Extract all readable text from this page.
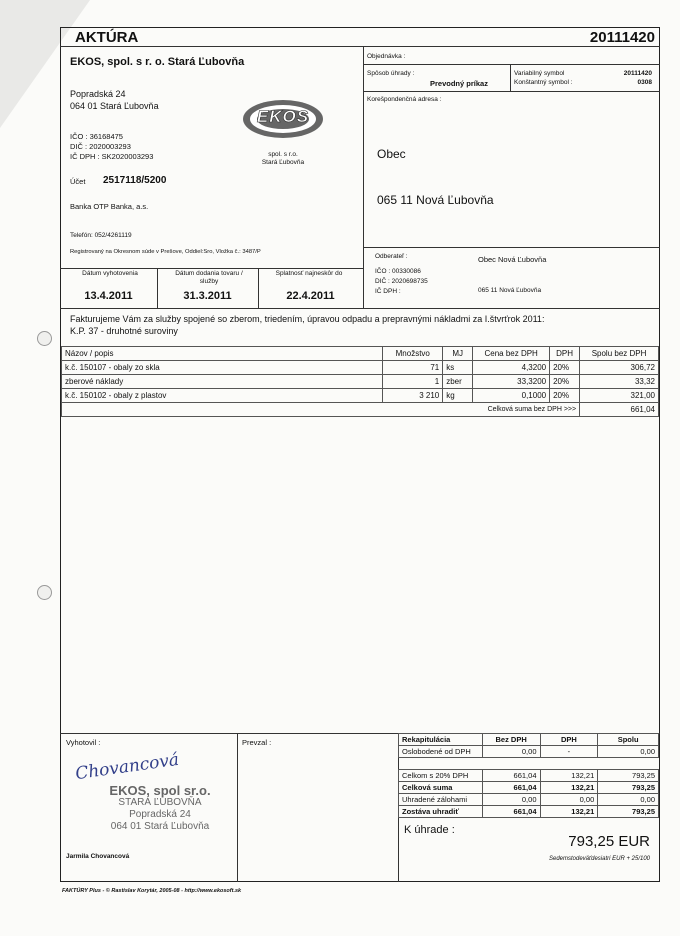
AKTÚRA	20111420
EKOS, spol. s r. o. Stará Ľubovňa
Popradská 24
064 01 Stará Ľubovňa
IČO : 36168475
DIČ : 2020003293
IČ DPH : SK2020003293
Účet 2517118/5200
Banka OTP Banka, a.s.
Telefón: 052/4261119
Registrovaný na Okresnom súde v Prešove, Oddiel:Sro, Vložka č.: 3487/P
EKOS
spol. s r.o.
Stará Ľubovňa
Dátum vyhotovenia
13.4.2011
Dátum dodania tovaru / služby
31.3.2011
Splatnosť najneskôr do
22.4.2011
Objednávka :
Spôsob úhrady :
Prevodný príkaz
Variabilný symbol	20111420
Konštantný symbol :	0308
Korešpondenčná adresa :
Obec
065 11 Nová Ľubovňa
Odberateľ :	Obec Nová Ľubovňa
IČO : 00330086
DIČ : 2020698735
IČ DPH :	065 11 Nová Ľubovňa
Fakturujeme Vám za služby spojené so zberom, triedením, úpravou odpadu a prepravnými nákladmi za I.štvrťrok 2011:
K.P. 37 - druhotné suroviny
Názov / popis	Množstvo	MJ	Cena bez DPH	DPH	Spolu bez DPH
k.č. 150107 - obaly zo skla	71	ks	4,3200	20%	306,72
zberové náklady	1	zber	33,3200	20%	33,32
k.č. 150102 - obaly z plastov	3 210	kg	0,1000	20%	321,00
Celková suma bez DPH >>>					661,04
Vyhotovil :	Prevzal :
Chovancová
EKOS, spol sr.o.
STARÁ ĽUBOVŇA
Popradská 24
064 01 Stará Ľubovňa
Jarmila Chovancová
Rekapitulácia	Bez DPH	DPH	Spolu
Oslobodené od DPH	0,00	-	0,00

Celkom s 20% DPH	661,04	132,21	793,25
Celková suma	661,04	132,21	793,25
Uhradené zálohami	0,00	0,00	0,00
Zostáva uhradiť	661,04	132,21	793,25
K úhrade :
793,25 EUR
Sedemstodeväťdesiatri EUR + 25/100
FAKTÚRY Plus - © Rastislav Korytár, 2005-08 - http://www.ekosoft.sk
